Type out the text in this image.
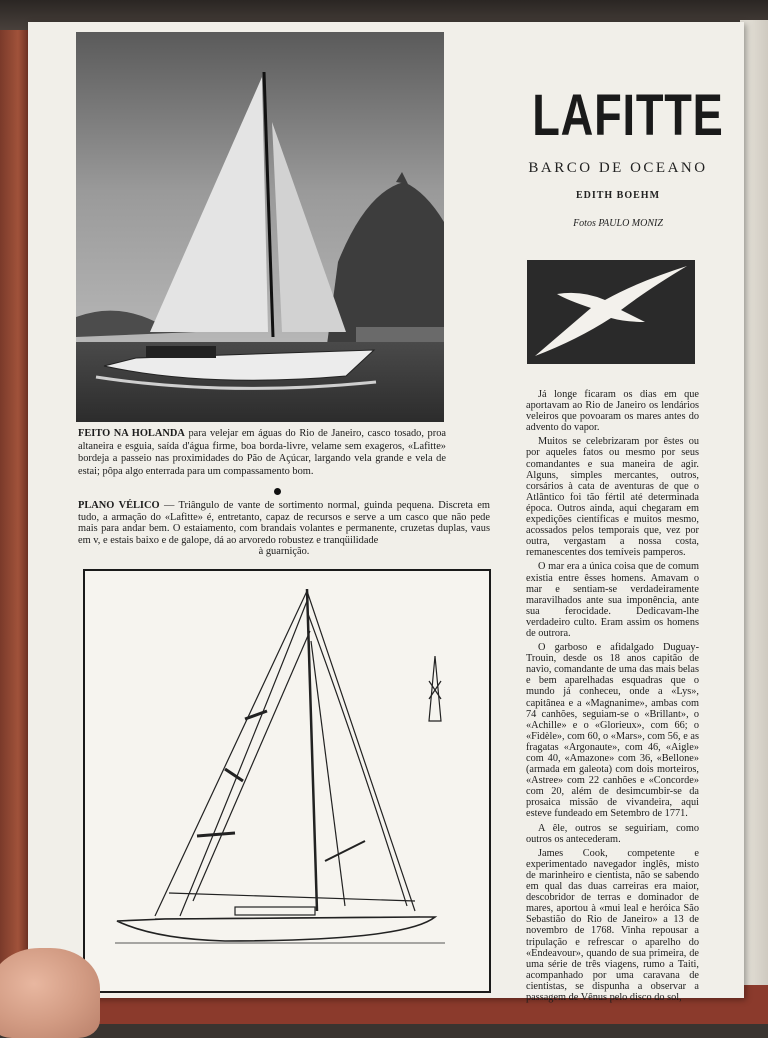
FEITO NA HOLANDA para velejar em águas do Rio de Janeiro, casco tosado, proa altaneira e esguia, saída d'água firme, boa borda-livre, velame sem exageros, «Lafitte» bordeja a passeio nas proximidades do Pão de Açúcar, largando vela grande e vela de estai; pôpa algo enterrada para um compassamento bom.
PLANO VÉLICO — Triângulo de vante de sortimento normal, guinda pequena. Discreta em tudo, a armação do «Lafitte» é, entretanto, capaz de recursos e serve a um casco que não pede mais para andar bem. O estaiamento, com brandais volantes e permanente, cruzetas duplas, vaus em v, e estais baixo e de galope, dá ao arvoredo robustez e tranqüilidade
à guarnição.
LAFITTE
BARCO DE OCEANO
EDITH BOEHM
Fotos PAULO MONIZ

Já longe ficaram os dias em que aportavam ao Rio de Janeiro os lendários veleiros que povoaram os mares antes do advento do vapor.

Muitos se celebrizaram por êstes ou por aqueles fatos ou mesmo por seus comandantes e sua maneira de agir. Alguns, simples mercantes, outros, corsários à cata de aventuras de que o Atlântico foi tão fértil até determinada época. Outros ainda, aqui chegaram em expedições científicas e muitos mesmo, acossados pelos temporais que, vez por outra, vergastam a nossa costa, remanescentes dos temíveis pamperos.

O mar era a única coisa que de comum existia entre êsses homens. Amavam o mar e sentiam-se verdadeiramente maravilhados ante sua imponência, ante sua ferocidade. Dedicavam-lhe verdadeiro culto. Eram assim os homens de outrora.

O garboso e afidalgado Duguay-Trouin, desde os 18 anos capitão de navio, comandante de uma das mais belas e bem aparelhadas esquadras que o mundo já conheceu, onde a «Lys», capitânea e a «Magnanime», ambas com 74 canhões, seguiam-se o «Brillant», o «Achille» e o «Glorieux», com 66; o «Fidèle», com 60, o «Mars», com 56, e as fragatas «Argonaute», com 46, «Aigle» com 40, «Amazone» com 36, «Bellone» (armada em galeota) com dois morteiros, «Astree» com 22 canhões e «Concorde» com 20, além de desimcumbir-se da prosaica missão de vivandeira, aqui esteve fundeado em Setembro de 1771.

A êle, outros se seguiriam, como outros os antecederam.

James Cook, competente e experimentado navegador inglês, misto de marinheiro e cientista, não se sabendo em qual das duas carreiras era maior, descobridor de terras e dominador de mares, aportou à «mui leal e heróica São Sebastião do Rio de Janeiro» a 13 de novembro de 1768. Vinha repousar a tripulação e refrescar o aparelho do «Endeavour», quando de sua primeira, de uma série de três viagens, rumo a Taiti, acompanhado por uma caravana de cientistas, se dispunha a observar a passagem de Vênus pelo disco do sol,
